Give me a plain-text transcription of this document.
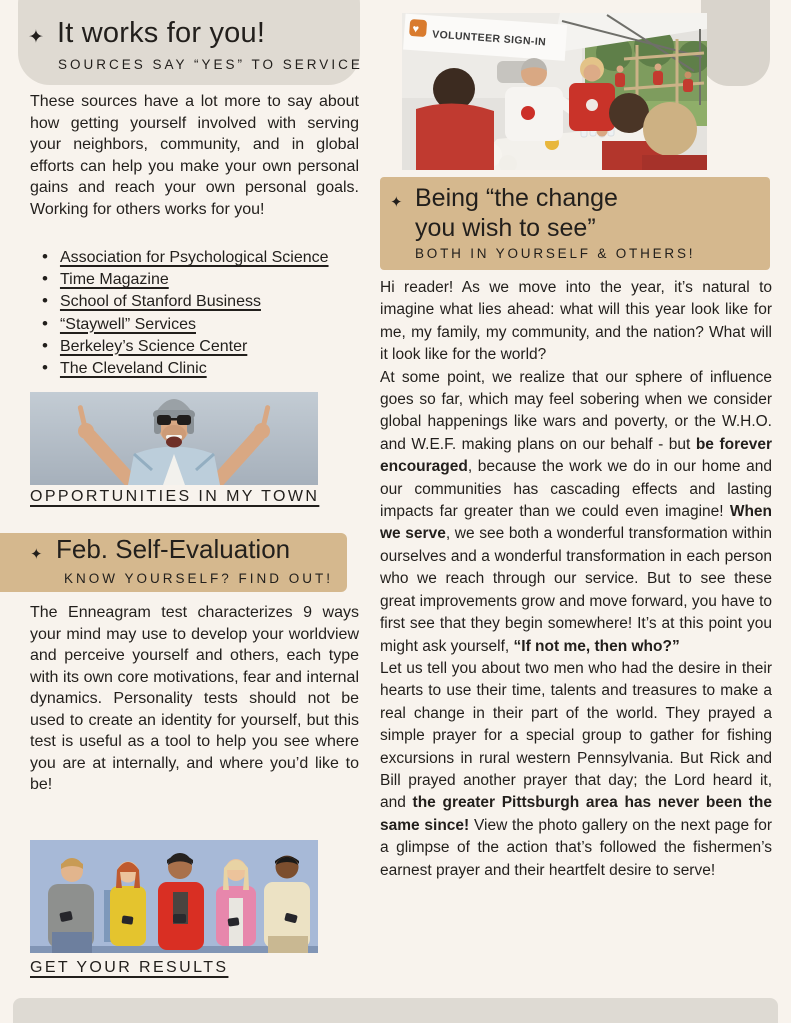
✦ It works for you!
SOURCES SAY “YES” TO SERVICE

These sources have a lot more to say about how getting yourself involved with serving your neighbors, community, and in global efforts can help you make your own personal gains and reach your own personal goals. Working for others works for you!

• Association for Psychological Science
• Time Magazine
• School of Stanford Business
• “Staywell” Services
• Berkeley’s Science Center
• The Cleveland Clinic
OPPORTUNITIES IN MY TOWN
✦ Feb. Self-Evaluation
KNOW YOURSELF? FIND OUT!

The Enneagram test characterizes 9 ways your mind may use to develop your worldview and perceive yourself and others, each type with its own core motivations, fear and internal dynamics. Personality tests should not be used to create an identity for yourself, but this test is useful as a tool to help you see where you are at internally, and where you’d like to be!

GET YOUR RESULTS
♥ VOLUNTEER SIGN-IN
✦ Being “the change
you wish to see”
BOTH IN YOURSELF & OTHERS!

Hi reader! As we move into the year, it’s natural to imagine what lies ahead: what will this year look like for me, my family, my community, and the nation? What will it look like for the world?

At some point, we realize that our sphere of influence goes so far, which may feel sobering when we consider global happenings like wars and poverty, or the W.H.O. and W.E.F. making plans on our behalf - but be forever encouraged, because the work we do in our home and our communities has cascading effects and lasting impacts far greater than we could even imagine! When we serve, we see both a wonderful transformation within ourselves and a wonderful transformation in each person who we reach through our service. But to see these great improvements grow and move forward, you have to first see that they begin somewhere! It’s at this point you might ask yourself, “If not me, then who?”

Let us tell you about two men who had the desire in their hearts to use their time, talents and treasures to make a real change in their part of the world. They prayed a simple prayer for a special group to gather for fishing excursions in rural western Pennsylvania. But Rick and Bill prayed another prayer that day; the Lord heard it, and the greater Pittsburgh area has never been the same since! View the photo gallery on the next page for a glimpse of the action that’s followed the fishermen’s earnest prayer and their heartfelt desire to serve!
